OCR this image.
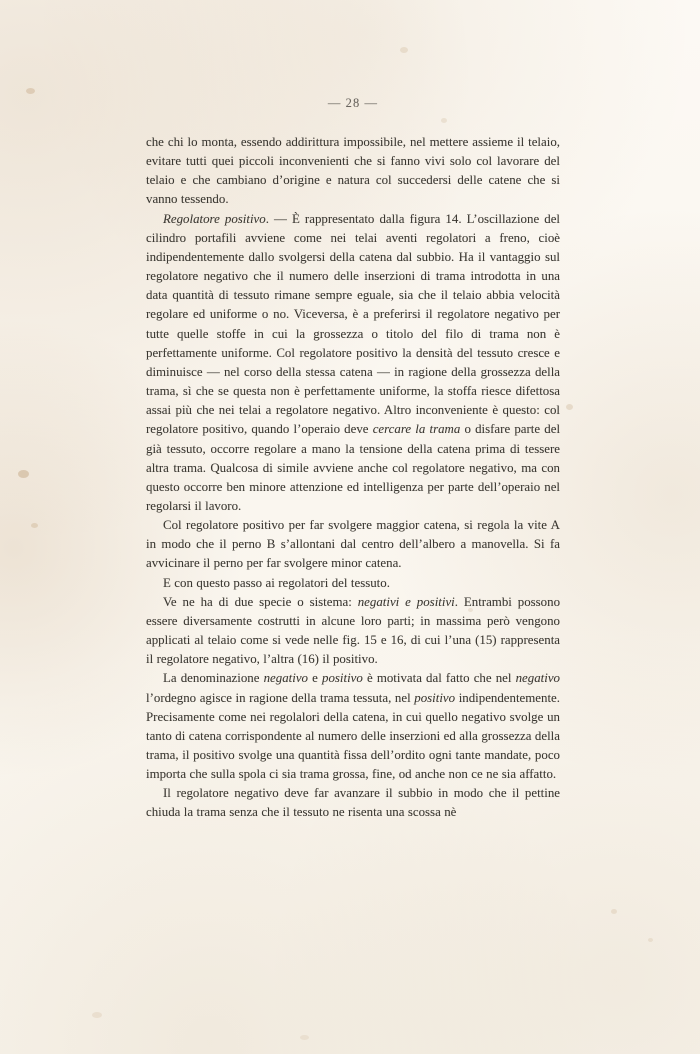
— 28 —

che chi lo monta, essendo addirittura impossibile, nel mettere assieme il telaio, evitare tutti quei piccoli inconvenienti che si fanno vivi solo col lavorare del telaio e che cambiano d’origine e natura col succedersi delle catene che si vanno tessendo.

Regolatore positivo. — È rappresentato dalla figura 14. L’oscillazione del cilindro portafili avviene come nei telai aventi regolatori a freno, cioè indipendentemente dallo svolgersi della catena dal subbio. Ha il vantaggio sul regolatore negativo che il numero delle inserzioni di trama introdotta in una data quantità di tessuto rimane sempre eguale, sia che il telaio abbia velocità regolare ed uniforme o no. Viceversa, è a preferirsi il regolatore negativo per tutte quelle stoffe in cui la grossezza o titolo del filo di trama non è perfettamente uniforme. Col regolatore positivo la densità del tessuto cresce e diminuisce — nel corso della stessa catena — in ragione della grossezza della trama, sì che se questa non è perfettamente uniforme, la stoffa riesce difettosa assai più che nei telai a regolatore negativo. Altro inconveniente è questo: col regolatore positivo, quando l’operaio deve cercare la trama o disfare parte del già tessuto, occorre regolare a mano la tensione della catena prima di tessere altra trama. Qualcosa di simile avviene anche col regolatore negativo, ma con questo occorre ben minore attenzione ed intelligenza per parte dell’operaio nel regolarsi il lavoro.

Col regolatore positivo per far svolgere maggior catena, si regola la vite A in modo che il perno B s’allontani dal centro dell’albero a manovella. Si fa avvicinare il perno per far svolgere minor catena.

E con questo passo ai regolatori del tessuto.

Ve ne ha di due specie o sistema: negativi e positivi. Entrambi possono essere diversamente costrutti in alcune loro parti; in massima però vengono applicati al telaio come si vede nelle fig. 15 e 16, di cui l’una (15) rappresenta il regolatore negativo, l’altra (16) il positivo.

La denominazione negativo e positivo è motivata dal fatto che nel negativo l’ordegno agisce in ragione della trama tessuta, nel positivo indipendentemente. Precisamente come nei regolalori della catena, in cui quello negativo svolge un tanto di catena corrispondente al numero delle inserzioni ed alla grossezza della trama, il positivo svolge una quantità fissa dell’ordito ogni tante mandate, poco importa che sulla spola ci sia trama grossa, fine, od anche non ce ne sia affatto.

Il regolatore negativo deve far avanzare il subbio in modo che il pettine chiuda la trama senza che il tessuto ne risenta una scossa nè
